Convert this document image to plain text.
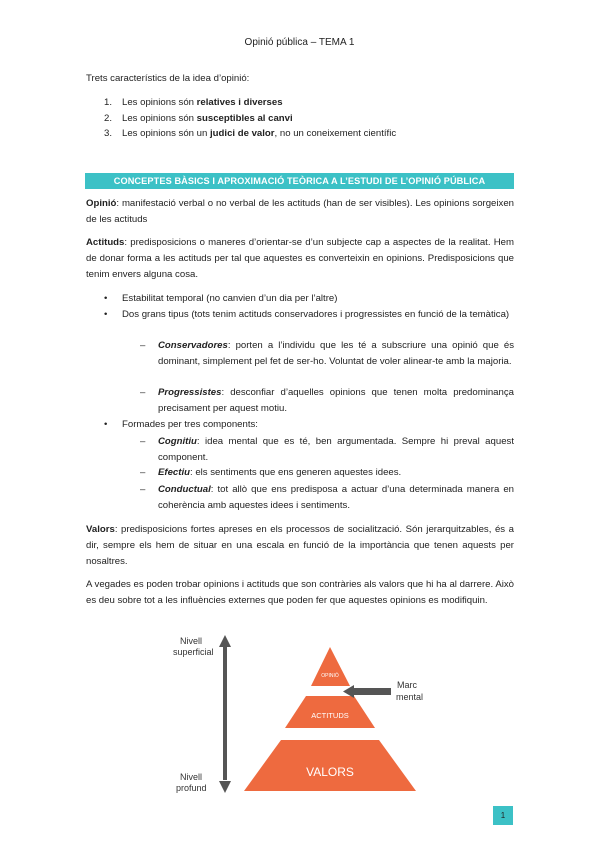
Opinió pública – TEMA 1
Trets característics de la idea d’opinió:
1. Les opinions són relatives i diverses
2. Les opinions són susceptibles al canvi
3. Les opinions són un judici de valor, no un coneixement científic
CONCEPTES BÀSICS I APROXIMACIÓ TEÒRICA A L’ESTUDI DE L’OPINIÓ PÚBLICA
Opinió: manifestació verbal o no verbal de les actituds (han de ser visibles). Les opinions sorgeixen de les actituds
Actituds: predisposicions o maneres d’orientar-se d’un subjecte cap a aspectes de la realitat. Hem de donar forma a les actituds per tal que aquestes es converteixin en opinions. Predisposicions que tenim envers alguna cosa.
• Estabilitat temporal (no canvien d’un dia per l’altre)
• Dos grans tipus (tots tenim actituds conservadores i progressistes en funció de la temàtica)
– Conservadores: porten a l’individu que les té a subscriure una opinió que és dominant, simplement pel fet de ser-ho. Voluntat de voler alinear-te amb la majoria.
– Progressistes: desconfiar d’aquelles opinions que tenen molta predominança precisament per aquest motiu.
• Formades per tres components:
– Cognitiu: idea mental que es té, ben argumentada. Sempre hi preval aquest component.
– Efectiu: els sentiments que ens generen aquestes idees.
– Conductual: tot allò que ens predisposa a actuar d’una determinada manera en coherència amb aquestes idees i sentiments.
Valors: predisposicions fortes apreses en els processos de socialització. Són jerarquitzables, és a dir, sempre els hem de situar en una escala en funció de la importància que tenen aquests per nosaltres.
A vegades es poden trobar opinions i actituds que son contràries als valors que hi ha al darrere. Això es deu sobre tot a les influències externes que poden fer que aquestes opinions es modifiquin.
Nivell
superficial
Nivell
profund
OPINIÓ
ACTITUDS
VALORS
Marc
mental
1
